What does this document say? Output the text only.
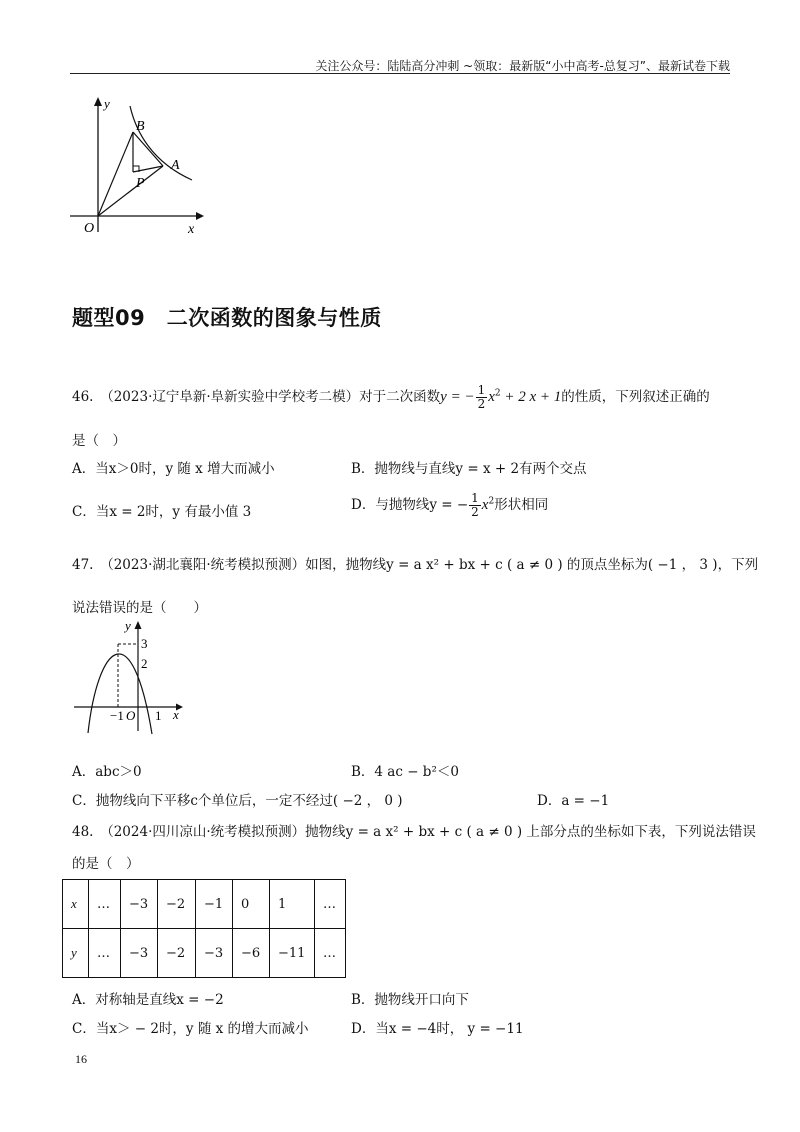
关注公众号：陆陆高分冲刺 ~领取：最新版“小中高考-总复习”、最新试卷下载
y
B
A
P
O	x
题型09　二次函数的图象与性质
46.　（2023·辽宁阜新·阜新实验中学校考二模）对于二次函数y = − $\frac{1}{2} x^2 + 2$ x + 1的性质，下列叙述正确的
是（　）
A．当x＞0时，y 随 x 增大而减小	B．抛物线与直线y = x + 2有两个交点
C．当x = 2时，y 有最小值 3	D．与抛物线y = − $\frac{1}{2} x^2$形状相同
47.　（2023·湖北襄阳·统考模拟预测）如图，抛物线y = a x² + bx + c ( a ≠ 0 ) 的顶点坐标为( −1 ， 3 )，下列
说法错误的是（　　）
y
3
2
−1 O 1 x
A．abc＞0	B．4 ac − b²＜0
C．抛物线向下平移c个单位后，一定不经过( −2 ， 0 )	D．a = −1
48.　（2024·四川凉山·统考模拟预测）抛物线y = a x² + bx + c ( a ≠ 0 ) 上部分点的坐标如下表，下列说法错误
的是（　）
x	…	−3	−2	−1	0	1	…
y	…	−3	−2	−3	−6	−11	…
A．对称轴是直线x = −2	B．抛物线开口向下
C．当x＞ − 2时，y 随 x 的增大而减小	D．当x = −4时， y = −11
16
